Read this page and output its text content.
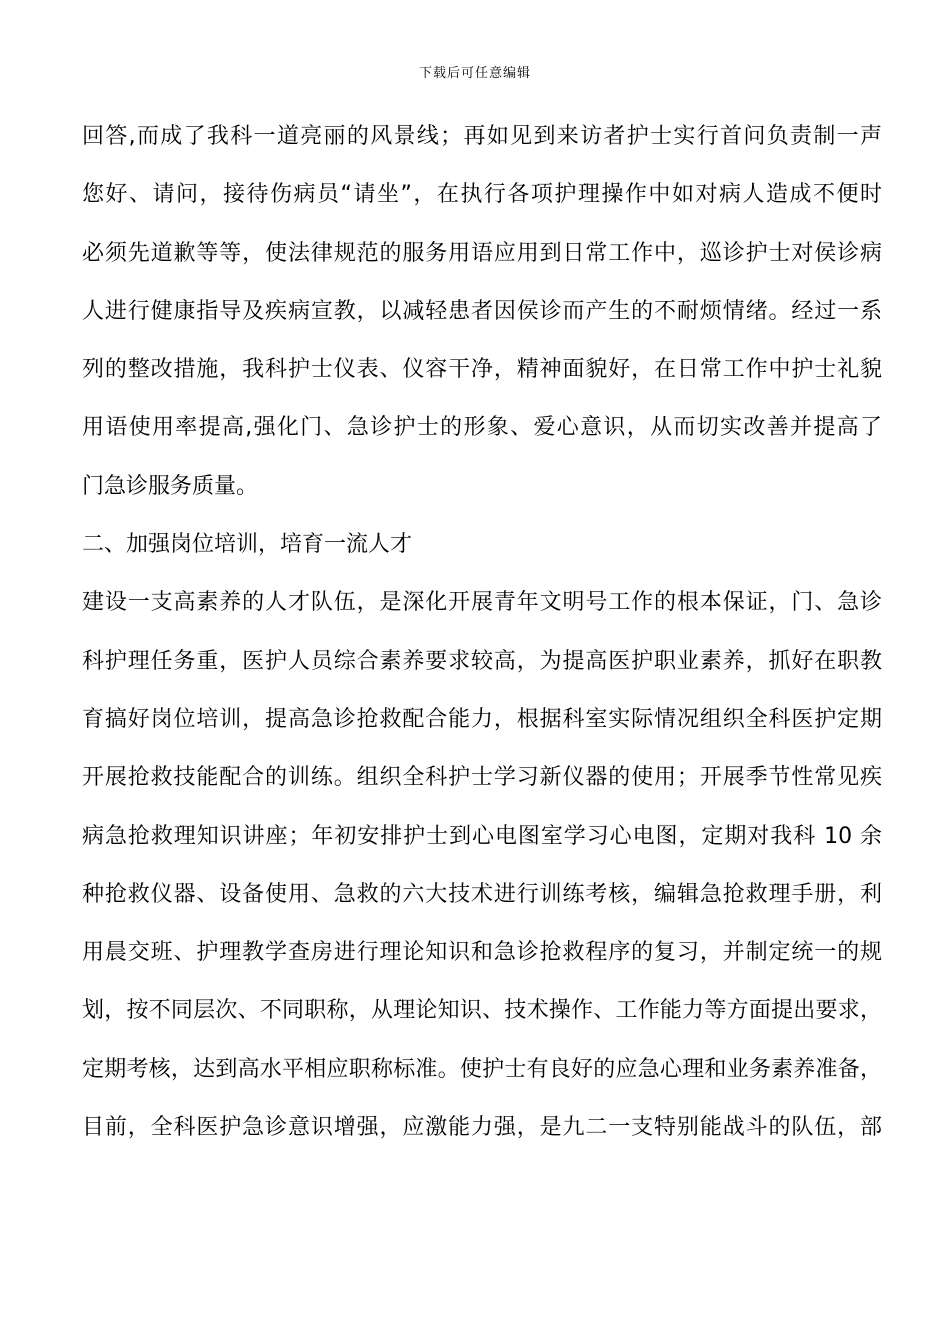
下载后可任意编辑
回答,而成了我科一道亮丽的风景线；再如见到来访者护士实行首问负责制一声
您好、请问，接待伤病员“请坐”，在执行各项护理操作中如对病人造成不便时
必须先道歉等等，使法律规范的服务用语应用到日常工作中，巡诊护士对侯诊病
人进行健康指导及疾病宣教，以减轻患者因侯诊而产生的不耐烦情绪。经过一系
列的整改措施，我科护士仪表、仪容干净，精神面貌好，在日常工作中护士礼貌
用语使用率提高,强化门、急诊护士的形象、爱心意识，从而切实改善并提高了
门急诊服务质量。
二、加强岗位培训，培育一流人才
建设一支高素养的人才队伍，是深化开展青年文明号工作的根本保证，门、急诊
科护理任务重，医护人员综合素养要求较高，为提高医护职业素养，抓好在职教
育搞好岗位培训，提高急诊抢救配合能力，根据科室实际情况组织全科医护定期
开展抢救技能配合的训练。组织全科护士学习新仪器的使用；开展季节性常见疾
病急抢救理知识讲座；年初安排护士到心电图室学习心电图，定期对我科 10 余
种抢救仪器、设备使用、急救的六大技术进行训练考核，编辑急抢救理手册，利
用晨交班、护理教学查房进行理论知识和急诊抢救程序的复习，并制定统一的规
划，按不同层次、不同职称，从理论知识、技术操作、工作能力等方面提出要求，
定期考核，达到高水平相应职称标准。使护士有良好的应急心理和业务素养准备，
目前，全科医护急诊意识增强，应激能力强，是九二一支特别能战斗的队伍，部
